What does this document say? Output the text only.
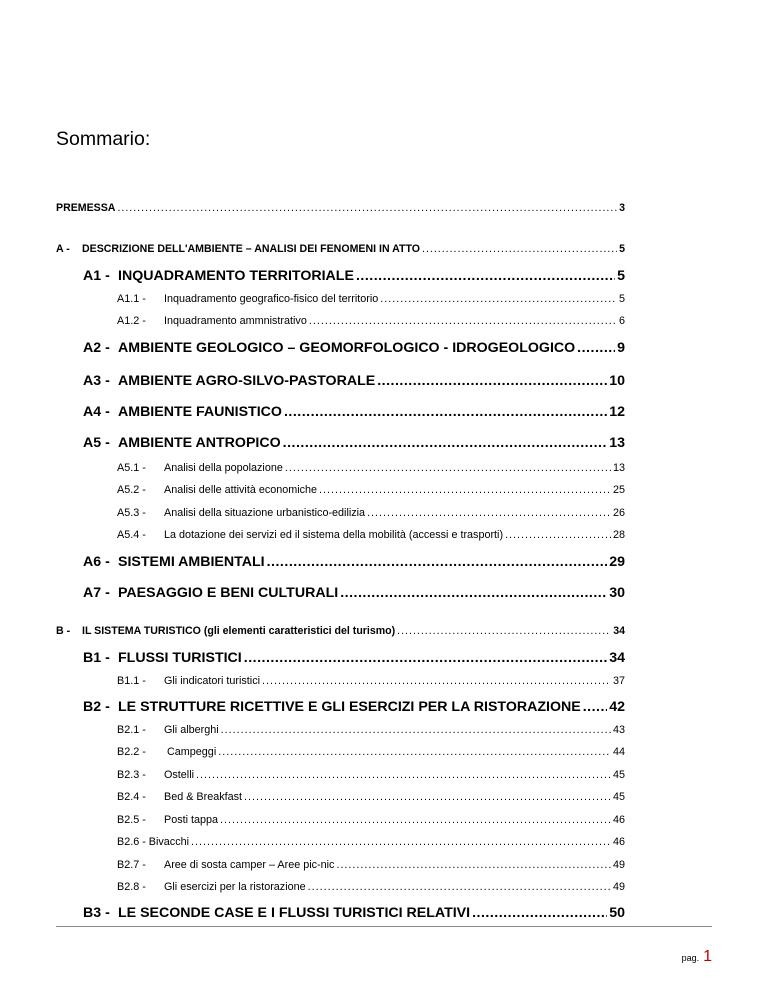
Sommario:
PREMESSA .....	3
A -	DESCRIZIONE DELL'AMBIENTE – ANALISI DEI FENOMENI IN ATTO .....	5
A1 - INQUADRAMENTO TERRITORIALE .....	5
A1.1 -	Inquadramento geografico-fisico del territorio .....	5
A1.2 -	Inquadramento ammnistrativo .....	6
A2 - AMBIENTE GEOLOGICO – GEOMORFOLOGICO - IDROGEOLOGICO .....	9
A3 - AMBIENTE AGRO-SILVO-PASTORALE .....	10
A4 - AMBIENTE FAUNISTICO .....	12
A5 - AMBIENTE ANTROPICO .....	13
A5.1 -	Analisi della popolazione .....	13
A5.2 -	Analisi delle attività economiche .....	25
A5.3 -	Analisi della situazione urbanistico-edilizia .....	26
A5.4 -	La dotazione dei servizi ed il sistema della mobilità (accessi e trasporti) .....	28
A6 - SISTEMI AMBIENTALI .....	29
A7 - PAESAGGIO E BENI CULTURALI .....	30
B -	IL SISTEMA TURISTICO (gli elementi caratteristici del turismo) .....	34
B1 - FLUSSI TURISTICI .....	34
B1.1 -	Gli indicatori turistici .....	37
B2 - LE STRUTTURE RICETTIVE E GLI ESERCIZI PER LA RISTORAZIONE ..... 42
B2.1 -	Gli alberghi .....	43
B2.2 -	Campeggi .....	44
B2.3 -	Ostelli .....	45
B2.4 -	Bed & Breakfast .....	45
B2.5 -	Posti tappa .....	46
B2.6 - Bivacchi .....	46
B2.7 -	Aree di sosta camper – Aree pic-nic .....	49
B2.8 -	Gli esercizi per la ristorazione .....	49
B3 - LE SECONDE CASE E I FLUSSI TURISTICI RELATIVI .....	50
pag. 1
